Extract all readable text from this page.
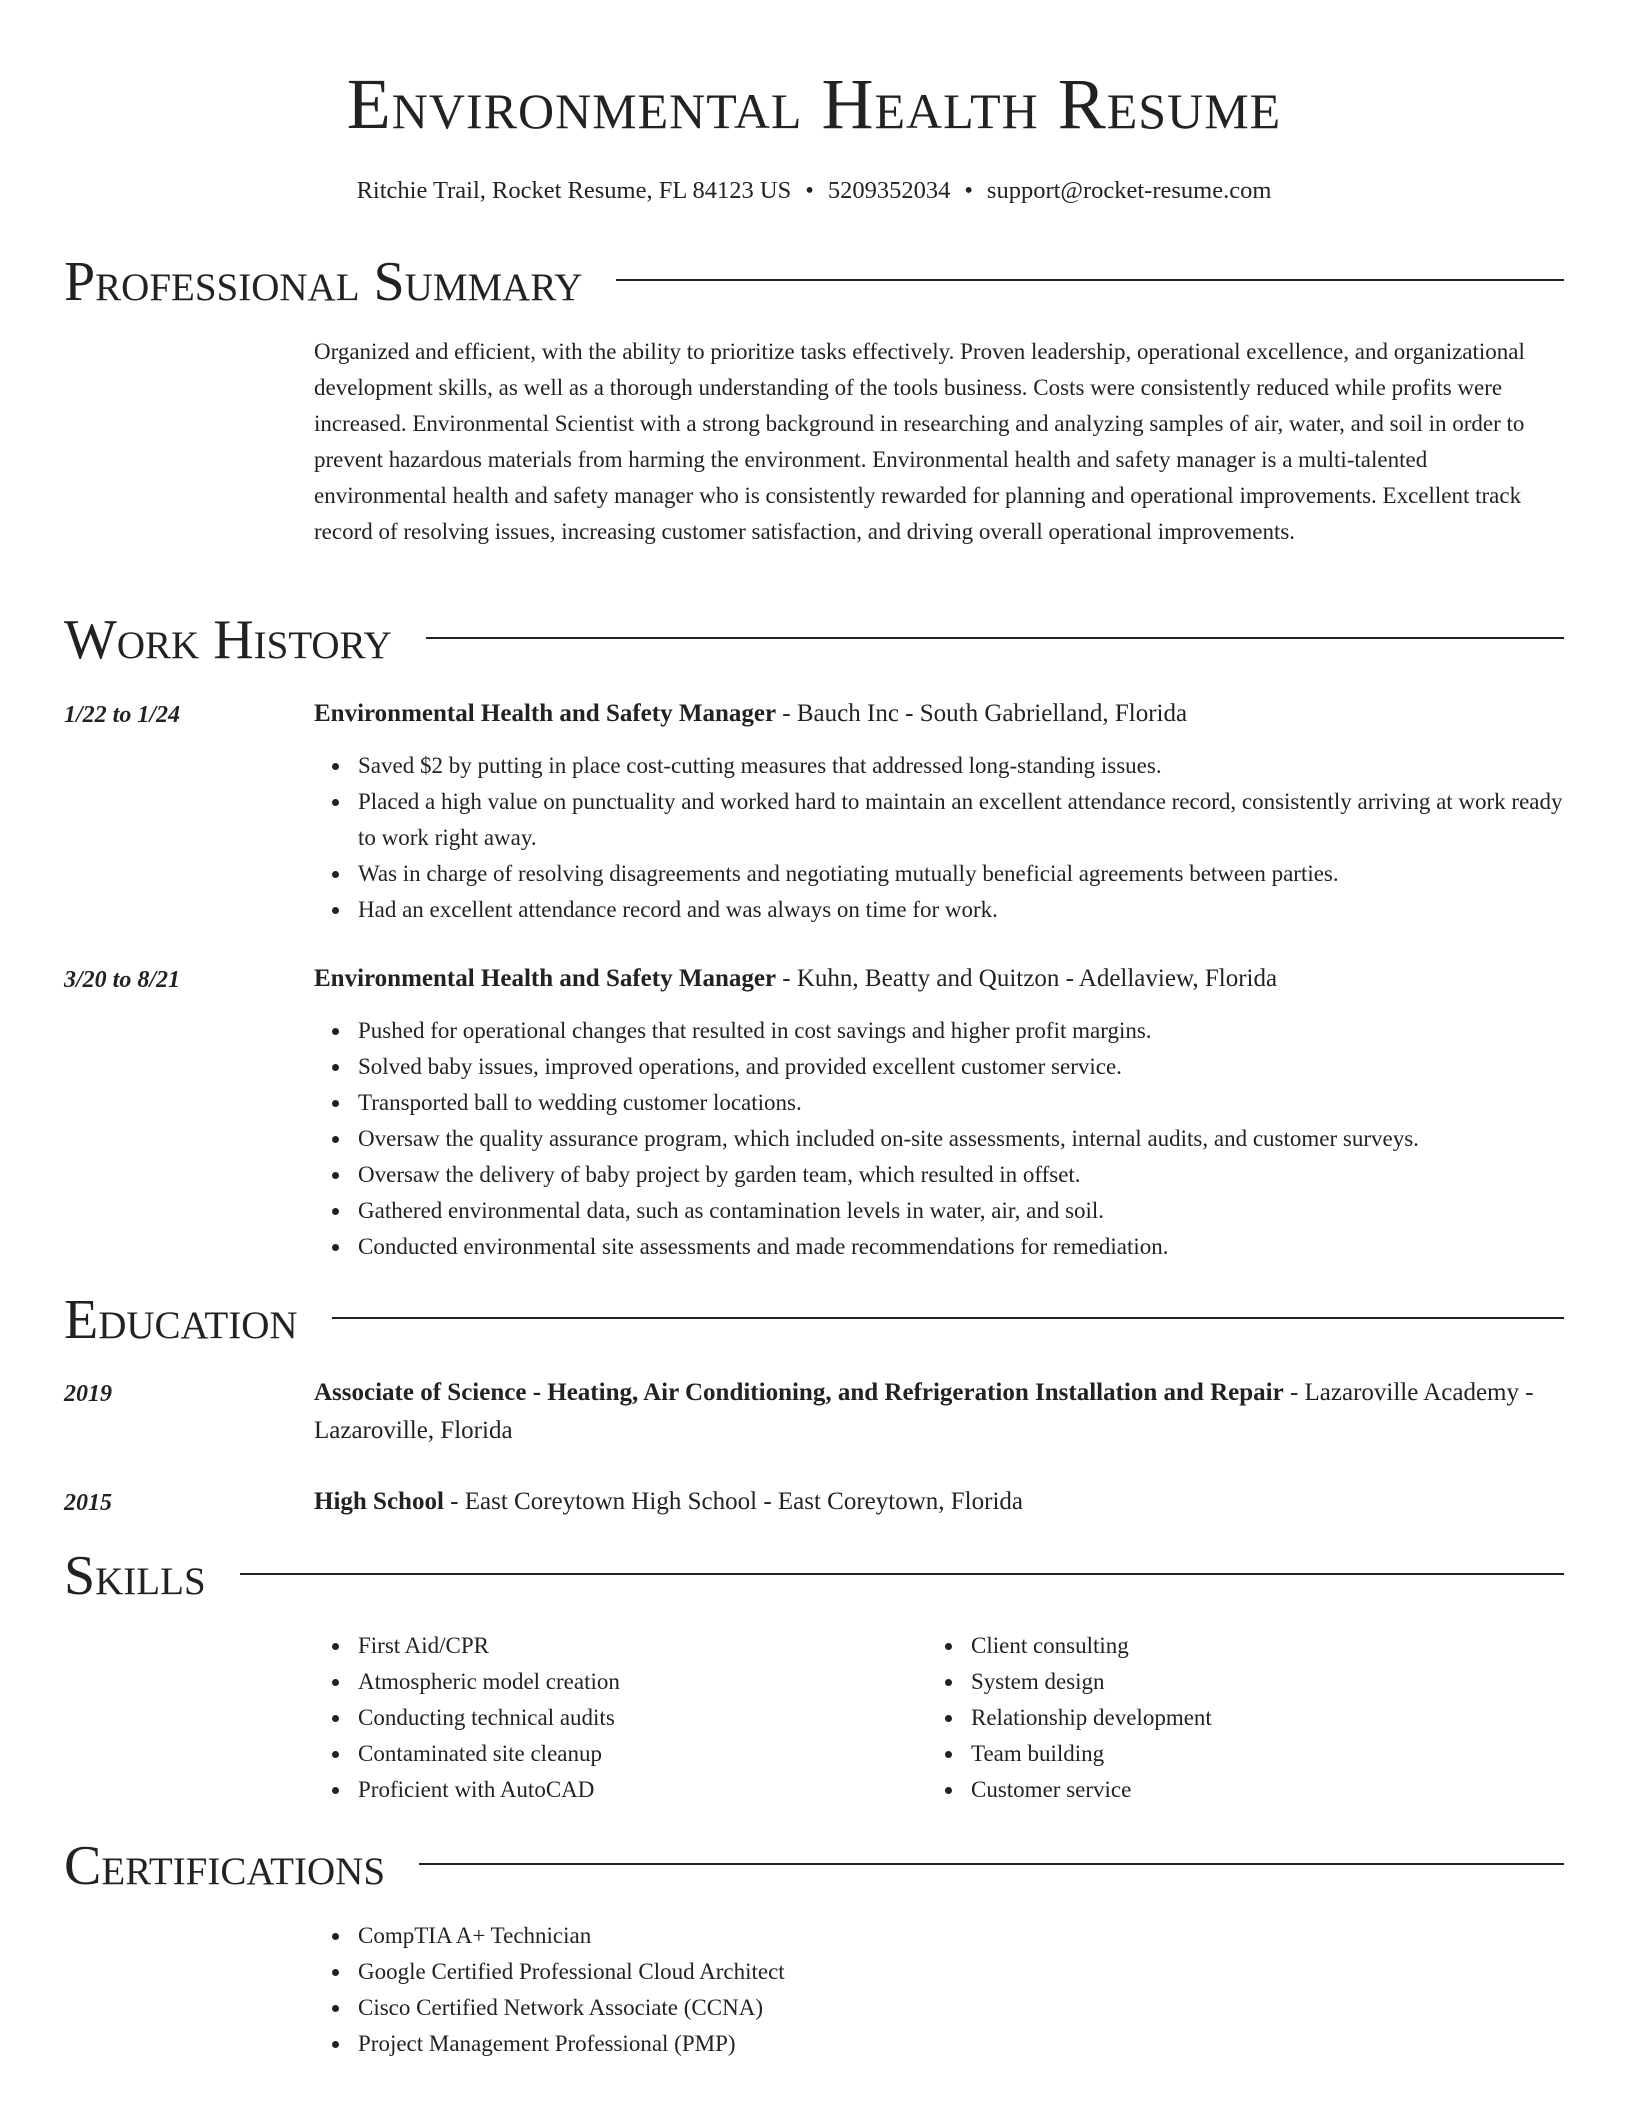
Environmental Health Resume
Ritchie Trail, Rocket Resume, FL 84123 US • 5209352034 • support@rocket-resume.com
Professional Summary
Organized and efficient, with the ability to prioritize tasks effectively. Proven leadership, operational excellence, and organizational development skills, as well as a thorough understanding of the tools business. Costs were consistently reduced while profits were increased. Environmental Scientist with a strong background in researching and analyzing samples of air, water, and soil in order to prevent hazardous materials from harming the environment. Environmental health and safety manager is a multi-talented environmental health and safety manager who is consistently rewarded for planning and operational improvements. Excellent track record of resolving issues, increasing customer satisfaction, and driving overall operational improvements.
Work History
1/22 to 1/24	Environmental Health and Safety Manager - Bauch Inc - South Gabrielland, Florida
Saved $2 by putting in place cost-cutting measures that addressed long-standing issues.
Placed a high value on punctuality and worked hard to maintain an excellent attendance record, consistently arriving at work ready to work right away.
Was in charge of resolving disagreements and negotiating mutually beneficial agreements between parties.
Had an excellent attendance record and was always on time for work.
3/20 to 8/21	Environmental Health and Safety Manager - Kuhn, Beatty and Quitzon - Adellaview, Florida
Pushed for operational changes that resulted in cost savings and higher profit margins.
Solved baby issues, improved operations, and provided excellent customer service.
Transported ball to wedding customer locations.
Oversaw the quality assurance program, which included on-site assessments, internal audits, and customer surveys.
Oversaw the delivery of baby project by garden team, which resulted in offset.
Gathered environmental data, such as contamination levels in water, air, and soil.
Conducted environmental site assessments and made recommendations for remediation.
Education
2019	Associate of Science - Heating, Air Conditioning, and Refrigeration Installation and Repair - Lazaroville Academy - Lazaroville, Florida
2015	High School - East Coreytown High School - East Coreytown, Florida
Skills
First Aid/CPR
Atmospheric model creation
Conducting technical audits
Contaminated site cleanup
Proficient with AutoCAD
Client consulting
System design
Relationship development
Team building
Customer service
Certifications
CompTIA A+ Technician
Google Certified Professional Cloud Architect
Cisco Certified Network Associate (CCNA)
Project Management Professional (PMP)
